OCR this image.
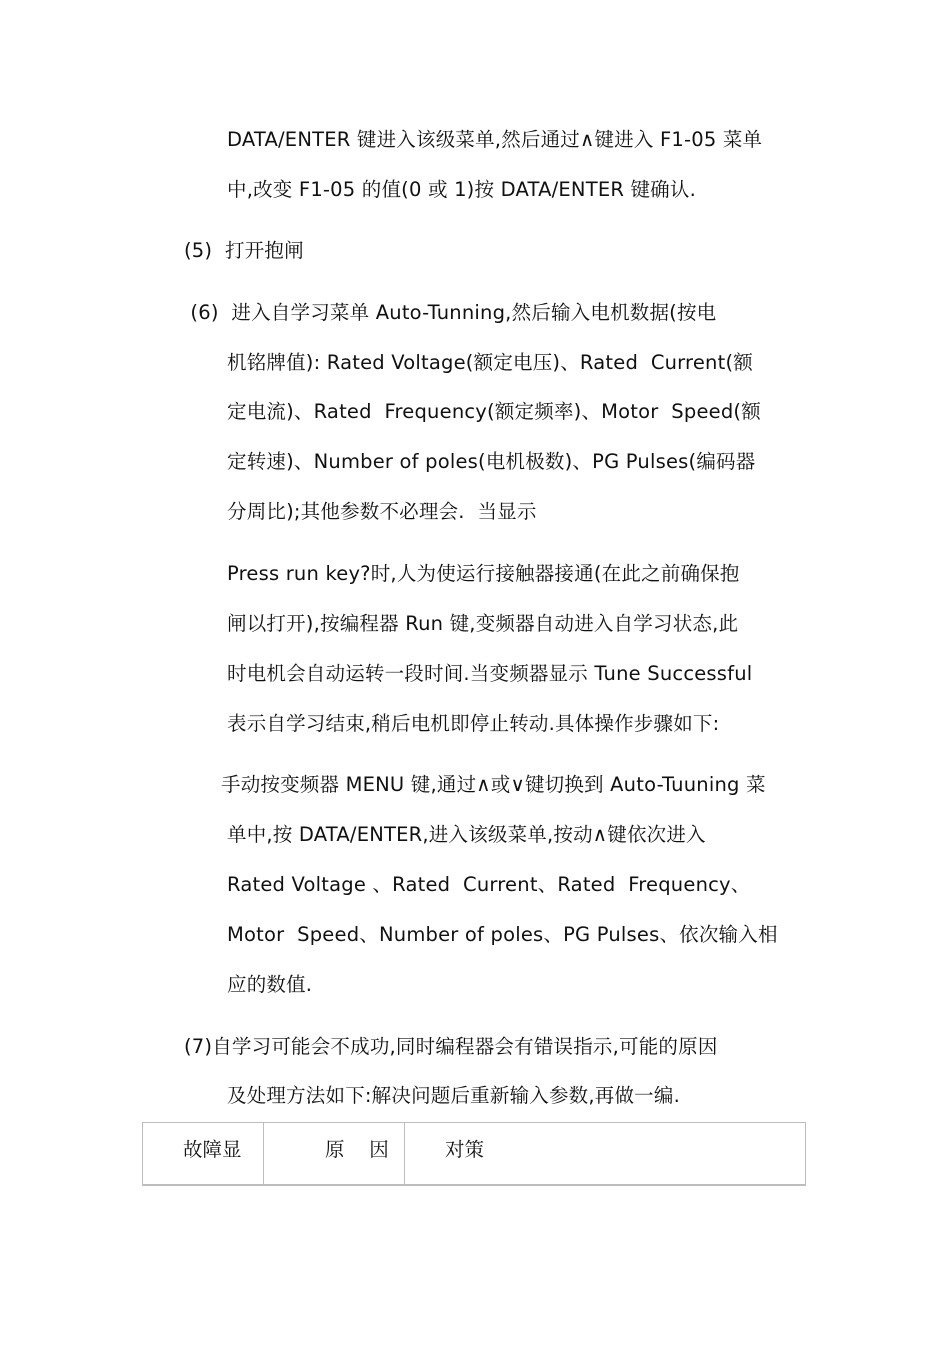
DATA/ENTER 键进入该级菜单,然后通过∧键进入 F1-05 菜单
中,改变 F1-05 的值(0 或 1)按 DATA/ENTER 键确认.
(5)  打开抱闸
(6)  进入自学习菜单 Auto-Tunning,然后输入电机数据(按电
机铭牌值): Rated Voltage(额定电压)、Rated  Current(额
定电流)、Rated  Frequency(额定频率)、Motor  Speed(额
定转速)、Number of poles(电机极数)、PG Pulses(编码器
分周比);其他参数不必理会.  当显示
Press run key?时,人为使运行接触器接通(在此之前确保抱
闸以打开),按编程器 Run 键,变频器自动进入自学习状态,此
时电机会自动运转一段时间.当变频器显示 Tune Successful
表示自学习结束,稍后电机即停止转动.具体操作步骤如下:
手动按变频器 MENU 键,通过∧或∨键切换到 Auto-Tuuning 菜
单中,按 DATA/ENTER,进入该级菜单,按动∧键依次进入
Rated Voltage 、Rated  Current、Rated  Frequency、
Motor  Speed、Number of poles、PG Pulses、依次输入相
应的数值.
(7)自学习可能会不成功,同时编程器会有错误指示,可能的原因
及处理方法如下:解决问题后重新输入参数,再做一编.
故障显	原    因	对策
